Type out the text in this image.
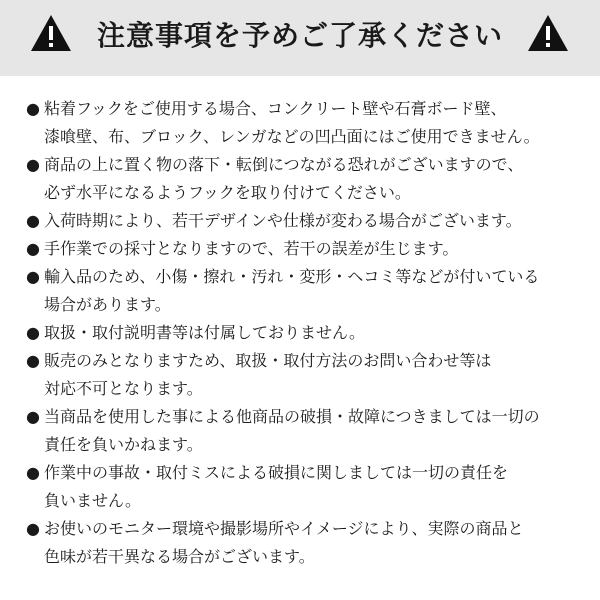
注意事項を予めご了承ください
● 粘着フックをご使用する場合、コンクリート壁や石膏ボード壁、
漆喰壁、布、ブロック、レンガなどの凹凸面にはご使用できません。
● 商品の上に置く物の落下・転倒につながる恐れがございますので、
必ず水平になるようフックを取り付けてください。
● 入荷時期により、若干デザインや仕様が変わる場合がございます。
● 手作業での採寸となりますので、若干の誤差が生じます。
● 輸入品のため、小傷・擦れ・汚れ・変形・ヘコミ等などが付いている
場合があります。
● 取扱・取付説明書等は付属しておりません。
● 販売のみとなりますため、取扱・取付方法のお問い合わせ等は
対応不可となります。
● 当商品を使用した事による他商品の破損・故障につきましては一切の
責任を負いかねます。
● 作業中の事故・取付ミスによる破損に関しましては一切の責任を
負いません。
● お使いのモニター環境や撮影場所やイメージにより、実際の商品と
色味が若干異なる場合がございます。
